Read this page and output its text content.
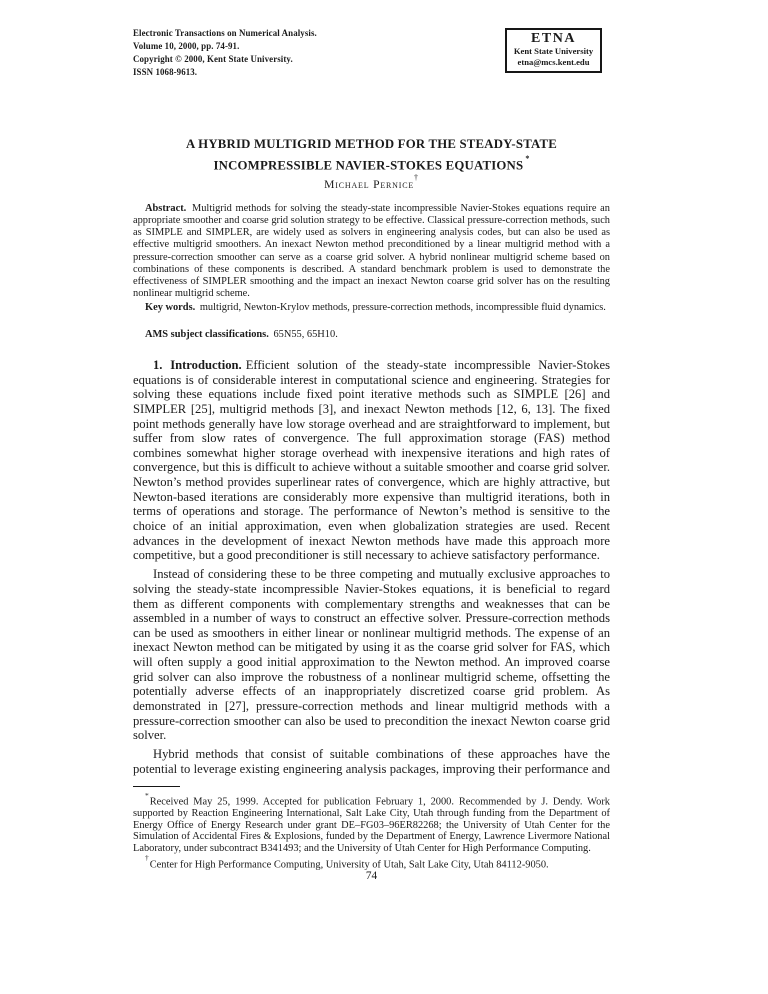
Electronic Transactions on Numerical Analysis.
Volume 10, 2000, pp. 74-91.
Copyright © 2000, Kent State University.
ISSN 1068-9613.
ETNA
Kent State University
etna@mcs.kent.edu
A HYBRID MULTIGRID METHOD FOR THE STEADY-STATE
INCOMPRESSIBLE NAVIER-STOKES EQUATIONS *
Michael Pernice†
Abstract. Multigrid methods for solving the steady-state incompressible Navier-Stokes equations require an appropriate smoother and coarse grid solution strategy to be effective. Classical pressure-correction methods, such as SIMPLE and SIMPLER, are widely used as solvers in engineering analysis codes, but can also be used as effective multigrid smoothers. An inexact Newton method preconditioned by a linear multigrid method with a pressure-correction smoother can serve as a coarse grid solver. A hybrid nonlinear multigrid scheme based on combinations of these components is described. A standard benchmark problem is used to demonstrate the effectiveness of SIMPLER smoothing and the impact an inexact Newton coarse grid solver has on the resulting nonlinear multigrid scheme.
Key words. multigrid, Newton-Krylov methods, pressure-correction methods, incompressible fluid dynamics.
AMS subject classifications. 65N55, 65H10.

1. Introduction. Efficient solution of the steady-state incompressible Navier-Stokes equations is of considerable interest in computational science and engineering. Strategies for solving these equations include fixed point iterative methods such as SIMPLE [26] and SIMPLER [25], multigrid methods [3], and inexact Newton methods [12, 6, 13]. The fixed point methods generally have low storage overhead and are straightforward to implement, but suffer from slow rates of convergence. The full approximation storage (FAS) method combines somewhat higher storage overhead with inexpensive iterations and high rates of convergence, but this is difficult to achieve without a suitable smoother and coarse grid solver. Newton’s method provides superlinear rates of convergence, which are highly attractive, but Newton-based iterations are considerably more expensive than multigrid iterations, both in terms of operations and storage. The performance of Newton’s method is sensitive to the choice of an initial approximation, even when globalization strategies are used. Recent advances in the development of inexact Newton methods have made this approach more competitive, but a good preconditioner is still necessary to achieve satisfactory performance.

Instead of considering these to be three competing and mutually exclusive approaches to solving the steady-state incompressible Navier-Stokes equations, it is beneficial to regard them as different components with complementary strengths and weaknesses that can be assembled in a number of ways to construct an effective solver. Pressure-correction methods can be used as smoothers in either linear or nonlinear multigrid methods. The expense of an inexact Newton method can be mitigated by using it as the coarse grid solver for FAS, which will often supply a good initial approximation to the Newton method. An improved coarse grid solver can also improve the robustness of a nonlinear multigrid scheme, offsetting the potentially adverse effects of an inappropriately discretized coarse grid problem. As demonstrated in [27], pressure-correction methods and linear multigrid methods with a pressure-correction smoother can also be used to precondition the inexact Newton coarse grid solver.

Hybrid methods that consist of suitable combinations of these approaches have the potential to leverage existing engineering analysis packages, improving their performance and

*Received May 25, 1999. Accepted for publication February 1, 2000. Recommended by J. Dendy. Work supported by Reaction Engineering International, Salt Lake City, Utah through funding from the Department of Energy Office of Energy Research under grant DE–FG03–96ER82268; the University of Utah Center for the Simulation of Accidental Fires & Explosions, funded by the Department of Energy, Lawrence Livermore National Laboratory, under subcontract B341493; and the University of Utah Center for High Performance Computing.

†Center for High Performance Computing, University of Utah, Salt Lake City, Utah 84112-9050.

74
